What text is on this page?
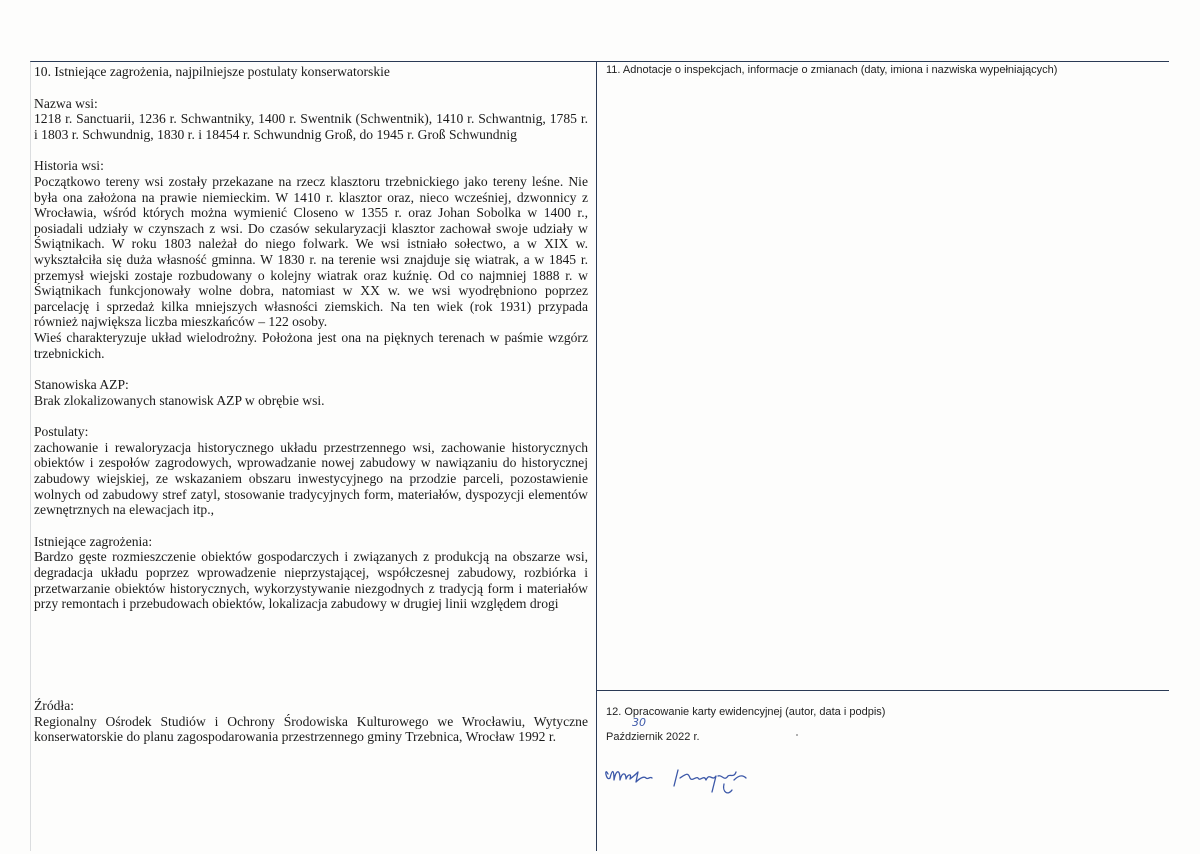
10. Istniejące zagrożenia, najpilniejsze postulaty konserwatorskie

Nazwa wsi:

1218 r. Sanctuarii, 1236 r. Schwantniky, 1400 r. Swentnik (Schwentnik), 1410 r. Schwantnig, 1785 r. i 1803 r. Schwundnig, 1830 r. i 18454 r. Schwundnig Groß, do 1945 r. Groß Schwundnig

Historia wsi:

Początkowo tereny wsi zostały przekazane na rzecz klasztoru trzebnickiego jako tereny leśne. Nie była ona założona na prawie niemieckim. W 1410 r. klasztor oraz, nieco wcześniej, dzwonnicy z Wrocławia, wśród których można wymienić Closeno w 1355 r. oraz Johan Sobolka w 1400 r., posiadali udziały w czynszach z wsi. Do czasów sekularyzacji klasztor zachował swoje udziały w Świątnikach. W roku 1803 należał do niego folwark. We wsi istniało sołectwo, a w XIX w. wykształciła się duża własność gminna. W 1830 r. na terenie wsi znajduje się wiatrak, a w 1845 r. przemysł wiejski zostaje rozbudowany o kolejny wiatrak oraz kuźnię. Od co najmniej 1888 r. w Świątnikach funkcjonowały wolne dobra, natomiast w XX w. we wsi wyodrębniono poprzez parcelację i sprzedaż kilka mniejszych własności ziemskich. Na ten wiek (rok 1931) przypada również największa liczba mieszkańców – 122 osoby.

Wieś charakteryzuje układ wielodrożny. Położona jest ona na pięknych terenach w paśmie wzgórz trzebnickich.

Stanowiska AZP:

Brak zlokalizowanych stanowisk AZP w obrębie wsi.

Postulaty:

zachowanie i rewaloryzacja historycznego układu przestrzennego wsi, zachowanie historycznych obiektów i zespołów zagrodowych, wprowadzanie nowej zabudowy w nawiązaniu do historycznej zabudowy wiejskiej, ze wskazaniem obszaru inwestycyjnego na przodzie parceli, pozostawienie wolnych od zabudowy stref zatyl, stosowanie tradycyjnych form, materiałów, dyspozycji elementów zewnętrznych na elewacjach itp.,

Istniejące zagrożenia:

Bardzo gęste rozmieszczenie obiektów gospodarczych i związanych z produkcją na obszarze wsi, degradacja układu poprzez wprowadzenie nieprzystającej, współczesnej zabudowy, rozbiórka i przetwarzanie obiektów historycznych, wykorzystywanie niezgodnych z tradycją form i materiałów przy remontach i przebudowach obiektów, lokalizacja zabudowy w drugiej linii względem drogi

Źródła:

Regionalny Ośrodek Studiów i Ochrony Środowiska Kulturowego we Wrocławiu, Wytyczne konserwatorskie do planu zagospodarowania przestrzennego gminy Trzebnica, Wrocław 1992 r.

11. Adnotacje o inspekcjach, informacje o zmianach (daty, imiona i nazwiska wypełniających)
12. Opracowanie karty ewidencyjnej (autor, data i podpis)
30
Październik 2022 r.
